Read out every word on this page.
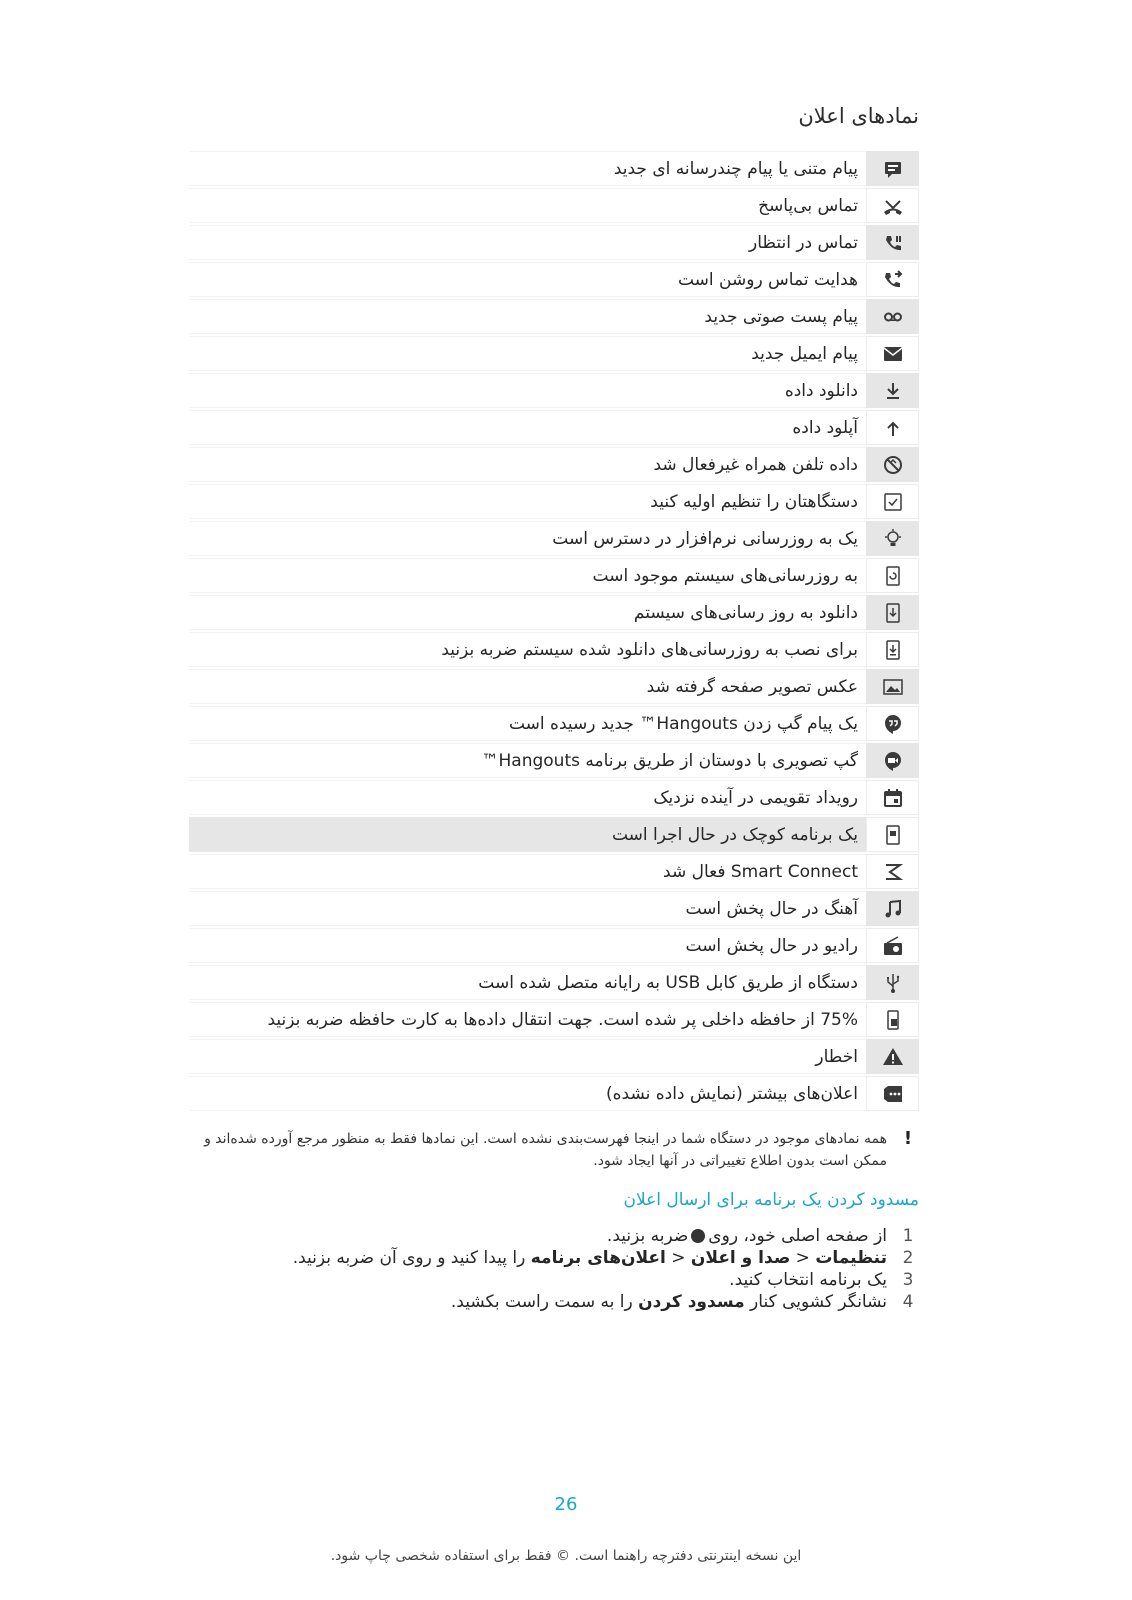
نمادهای اعلان
پیام متنی یا پیام چندرسانه ای جدید
تماس بی‌پاسخ
تماس در انتظار
هدایت تماس روشن است
پیام پست صوتی جدید
پیام ایمیل جدید
دانلود داده
آپلود داده
داده تلفن همراه غیرفعال شد
دستگاهتان را تنظیم اولیه کنید
یک به روزرسانی نرم‌افزار در دسترس است
به روزرسانی‌های سیستم موجود است
دانلود به روز رسانی‌های سیستم
برای نصب به روزرسانی‌های دانلود شده سیستم ضربه بزنید
عکس تصویر صفحه گرفته شد
یک پیام گپ زدن Hangouts™ جدید رسیده است
گپ تصویری با دوستان از طریق برنامه Hangouts™
رویداد تقویمی در آینده نزدیک
یک برنامه کوچک در حال اجرا است
Smart Connect فعال شد
آهنگ در حال پخش است
رادیو در حال پخش است
دستگاه از طریق کابل USB به رایانه متصل شده است
75% از حافظه داخلی پر شده است. جهت انتقال داده‌ها به کارت حافظه ضربه بزنید
اخطار
اعلان‌های بیشتر (نمایش داده نشده)
!
همه نمادهای موجود در دستگاه شما در اینجا فهرست‌بندی نشده است. این نمادها فقط به منظور مرجع آورده شده‌اند و ممکن است بدون اطلاع تغییراتی در آنها ایجاد شود.
مسدود کردن یک برنامه برای ارسال اعلان
1
از صفحه اصلی خود، رویضربه بزنید.
2
تنظیمات < صدا و اعلان < اعلان‌های برنامه را پیدا کنید و روی آن ضربه بزنید.
3
یک برنامه انتخاب کنید.
4
نشانگر کشویی کنار مسدود کردن را به سمت راست بکشید.
26
این نسخه اینترنتی دفترچه راهنما است. © فقط برای استفاده شخصی چاپ شود.
